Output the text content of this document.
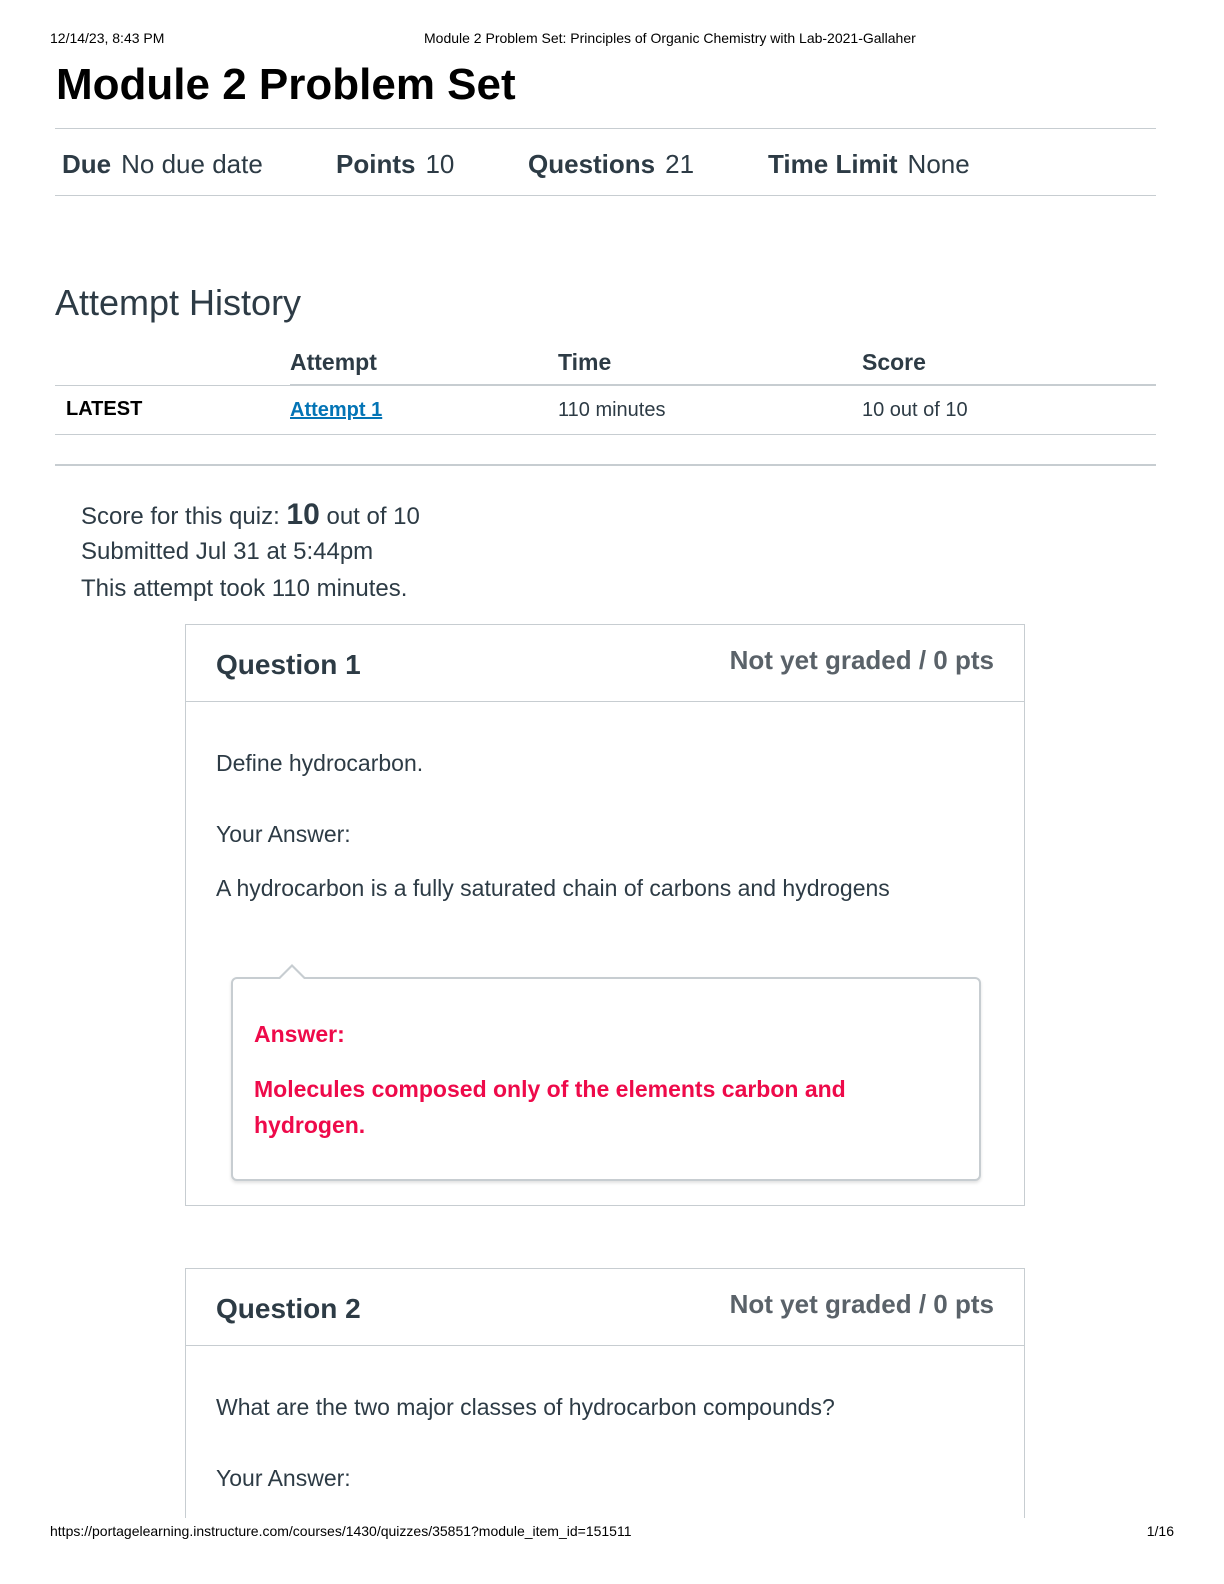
12/14/23, 8:43 PM	Module 2 Problem Set: Principles of Organic Chemistry with Lab-2021-Gallaher
Module 2 Problem Set
Due No due date	Points 10	Questions 21	Time Limit None
Attempt History
	Attempt	Time	Score
LATEST	Attempt 1	110 minutes	10 out of 10
Score for this quiz: 10 out of 10
Submitted Jul 31 at 5:44pm
This attempt took 110 minutes.
Question 1	Not yet graded / 0 pts
Define hydrocarbon.
Your Answer:
A hydrocarbon is a fully saturated chain of carbons and hydrogens
Answer:
Molecules composed only of the elements carbon and hydrogen.
Question 2	Not yet graded / 0 pts
What are the two major classes of hydrocarbon compounds?
Your Answer:
https://portagelearning.instructure.com/courses/1430/quizzes/35851?module_item_id=151511	1/16
